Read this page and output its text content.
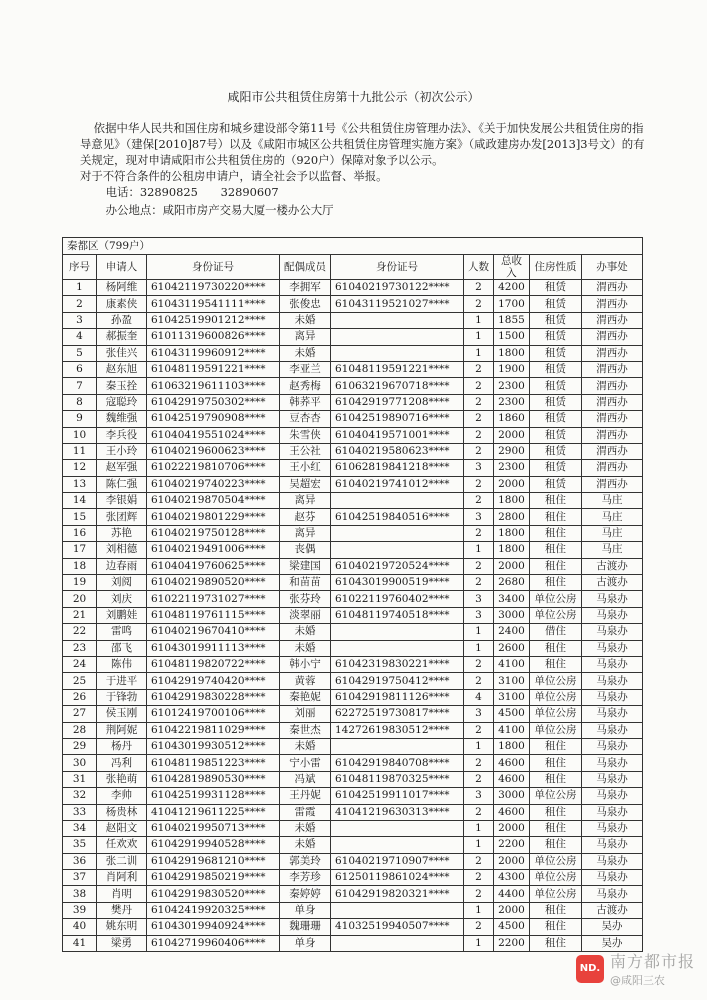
咸阳市公共租赁住房第十九批公示（初次公示）

依据中华人民共和国住房和城乡建设部令第11号《公共租赁住房管理办法》、《关于加快发展公共租赁住房的指导意见》（建保[2010]87号）以及《咸阳市城区公共租赁住房管理实施方案》（咸政建房办发[2013]3号文）的有关规定，现对申请咸阳市公共租赁住房的（920户）保障对象予以公示。

对于不符合条件的公租房申请户，请全社会予以监督、举报。

电话：32890825　　32890607

办公地点：咸阳市房产交易大厦一楼办公大厅

秦都区（799户）								
序号	申请人	身份证号	配偶成员	身份证号	人数	总收入	住房性质	办事处
1	杨阿维	61042119730220****	李拥军	61040219730122****	2	4200	租赁	渭西办
2	康素侠	61043119541111****	张俊忠	61043119521027****	2	1700	租赁	渭西办
3	孙盈	61042519901212****	未婚		1	1855	租赁	渭西办
4	郝振奎	61011319600826****	离异		1	1500	租赁	渭西办
5	张佳兴	61043119960912****	未婚		1	1800	租赁	渭西办
6	赵东旭	61048119591221****	李亚兰	61048119591221****	2	1900	租赁	渭西办
7	秦玉拴	61063219611103****	赵秀梅	61063219670718****	2	2300	租赁	渭西办
8	寇聪玲	61042919750302****	韩荞平	61042919771208****	2	2300	租赁	渭西办
9	魏维强	61042519790908****	豆杏杏	61042519890716****	2	1860	租赁	渭西办
10	李兵役	61040419551024****	朱雪侠	61040419571001****	2	2000	租赁	渭西办
11	王小玲	61040219600623****	王公社	61040219580623****	2	2900	租赁	渭西办
12	赵军强	61022219810706****	王小红	61062819841218****	3	2300	租赁	渭西办
13	陈仁强	61040219740223****	吴超宏	61040219741012****	2	2000	租赁	渭西办
14	李银娟	61040219870504****	离异		2	1800	租住	马庄
15	张团辉	61040219801229****	赵芬	61042519840516****	3	2800	租住	马庄
16	苏艳	61040219750128****	离异		2	1800	租住	马庄
17	刘相德	61040219491006****	丧偶		1	1800	租住	马庄
18	边春雨	61040419760625****	梁建国	61040219720524****	2	2000	租住	古渡办
19	刘阅	61040219890520****	和苗苗	61043019900519****	2	2680	租住	古渡办
20	刘庆	61022119731027****	张芬玲	61022119760402****	3	3400	单位公房	马泉办
21	刘鹏娃	61048119761115****	淡翠丽	61048119740518****	3	3000	单位公房	马泉办
22	雷鸣	61040219670410****	未婚		1	2400	借住	马泉办
23	邵飞	61043019911113****	未婚		1	2600	租住	马泉办
24	陈伟	61048119820722****	韩小宁	61042319830221****	2	4100	租住	马泉办
25	于进平	61042919740420****	黄蓉	61042919750412****	2	3100	单位公房	马泉办
26	于锋勃	61042919830228****	秦艳妮	61042919811126****	4	3100	单位公房	马泉办
27	侯玉刚	61012419700106****	刘丽	62272519730817****	3	4500	单位公房	马泉办
28	荆阿妮	61042219811029****	秦世杰	14272619830512****	2	4100	单位公房	马泉办
29	杨丹	61043019930512****	未婚		1	1800	租住	马泉办
30	冯利	61048119851223****	宁小雷	61042919840708****	2	4600	租住	马泉办
31	张艳萌	61042819890530****	冯斌	61048119870325****	2	4600	租住	马泉办
32	李帅	61042519931128****	王丹妮	61042519911017****	3	3000	单位公房	马泉办
33	杨贵林	41041219611225****	雷霞	41041219630313****	2	4600	租住	马泉办
34	赵阳文	61040219950713****	未婚		1	2000	租住	马泉办
35	任欢欢	61042919940528****	未婚		1	2200	租住	马泉办
36	张二训	61042919681210****	郭美玲	61040219710907****	2	2000	单位公房	马泉办
37	肖阿利	61042919850219****	李芳珍	61250119861024****	2	4300	单位公房	马泉办
38	肖明	61042919830520****	秦婷婷	61042919820321****	2	4400	单位公房	马泉办
39	樊丹	61042419920325****	单身		1	2000	租住	古渡办
40	姚东明	61043019940924****	魏珊珊	41032519940507****	2	4500	租住	吴办
41	梁勇	61042719960406****	单身		1	2200	租住	吴办
ND. 南方都市报
@咸阳三农
